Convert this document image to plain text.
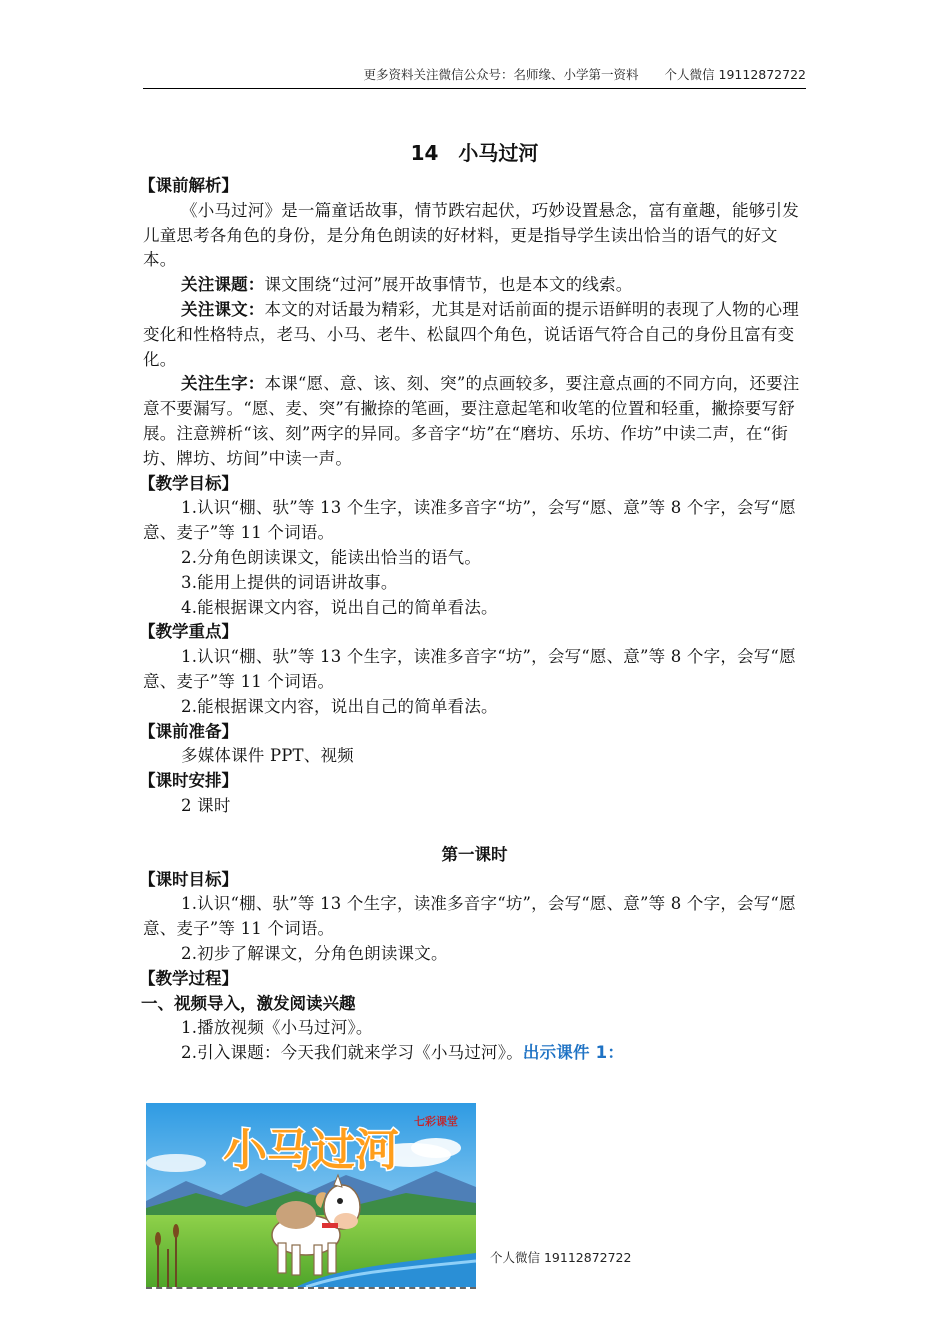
更多资料关注微信公众号：名师缘、小学第一资料 个人微信 19112872722
14　小马过河
【课前解析】

《小马过河》是一篇童话故事，情节跌宕起伏，巧妙设置悬念，富有童趣，能够引发儿童思考各角色的身份，是分角色朗读的好材料，更是指导学生读出恰当的语气的好文本。

关注课题：课文围绕“过河”展开故事情节，也是本文的线索。

关注课文：本文的对话最为精彩，尤其是对话前面的提示语鲜明的表现了人物的心理变化和性格特点，老马、小马、老牛、松鼠四个角色，说话语气符合自己的身份且富有变化。

关注生字：本课“愿、意、该、刻、突”的点画较多，要注意点画的不同方向，还要注意不要漏写。“愿、麦、突”有撇捺的笔画，要注意起笔和收笔的位置和轻重，撇捺要写舒展。注意辨析“该、刻”两字的异同。多音字“坊”在“磨坊、乐坊、作坊”中读二声，在“街坊、牌坊、坊间”中读一声。

【教学目标】

1.认识“棚、驮”等 13 个生字，读准多音字“坊”，会写“愿、意”等 8 个字，会写“愿意、麦子”等 11 个词语。

2.分角色朗读课文，能读出恰当的语气。

3.能用上提供的词语讲故事。

4.能根据课文内容，说出自己的简单看法。

【教学重点】

1.认识“棚、驮”等 13 个生字，读准多音字“坊”，会写“愿、意”等 8 个字，会写“愿意、麦子”等 11 个词语。

2.能根据课文内容，说出自己的简单看法。

【课前准备】

多媒体课件 PPT、视频

【课时安排】

2 课时

第一课时
【课时目标】

1.认识“棚、驮”等 13 个生字，读准多音字“坊”，会写“愿、意”等 8 个字，会写“愿意、麦子”等 11 个词语。

2.初步了解课文，分角色朗读课文。

【教学过程】
一、视频导入，激发阅读兴趣

1.播放视频《小马过河》。

2.引入课题：今天我们就来学习《小马过河》。出示课件 1：

小马过河
七彩课堂
个人微信 19112872722
